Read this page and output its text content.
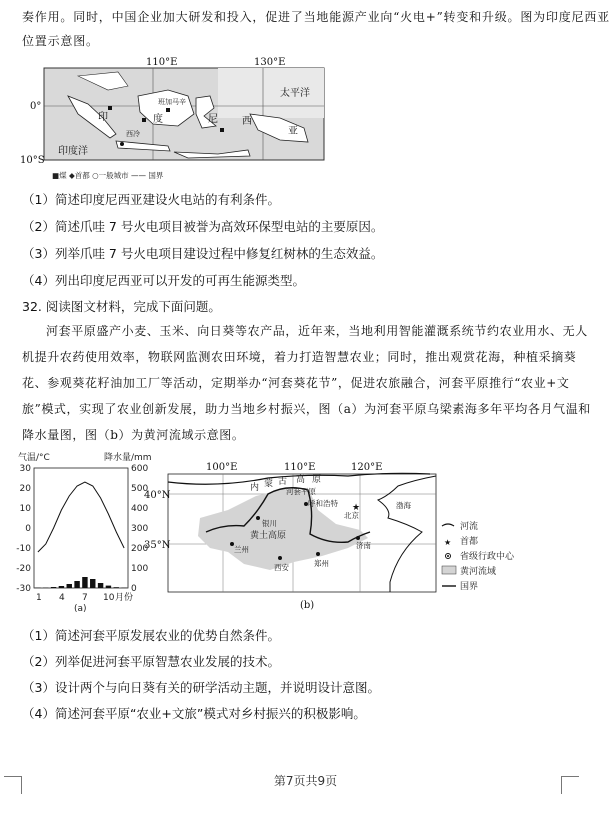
奏作用。同时，中国企业加大研发和投入，促进了当地能源产业向“火电+”转变和升级。图为印度尼西亚
位置示意图。
110°E	130°E
0°
10°S
太平洋
印度洋
印	度	尼 西
亚
班加马辛
西冷
■煤 ◆首都 ○一般城市 —— 国界
（1）简述印度尼西亚建设火电站的有利条件。
（2）简述爪哇 7 号火电项目被誉为高效环保型电站的主要原因。
（3）列举爪哇 7 号火电项目建设过程中修复红树林的生态效益。
（4）列出印度尼西亚可以开发的可再生能源类型。
32. 阅读图文材料，完成下面问题。
河套平原盛产小麦、玉米、向日葵等农产品，近年来，当地利用智能灌溉系统节约农业用水、无人机提升农药使用效率，物联网监测农田环境，着力打造智慧农业；同时，推出观赏花海，种植采摘葵花、参观葵花籽油加工厂等活动，定期举办“河套葵花节”，促进农旅融合，河套平原推行“农业+文旅”模式，实现了农业创新发展，助力当地乡村振兴，图（a）为河套平原乌梁素海多年平均各月气温和降水量图，图（b）为黄河流域示意图。
气温/°C	降水量/mm
30
20
10
0
-10
-20
-30
600
500
400
300
200
100
0
1 4 7 10 月份
(a)
100°E	110°E	120°E
40°N
35°N
内 蒙 古 高 原
河套平原
黄土高原
呼和浩特 ★
北京
银川
兰州
西安	郑州
济南
渤海
(b)
河流
★ 首都
省级行政中心
黄河流域
国界
（1）简述河套平原发展农业的优势自然条件。
（2）列举促进河套平原智慧农业发展的技术。
（3）设计两个与向日葵有关的研学活动主题，并说明设计意图。
（4）简述河套平原“农业+文旅”模式对乡村振兴的积极影响。
第7页共9页
